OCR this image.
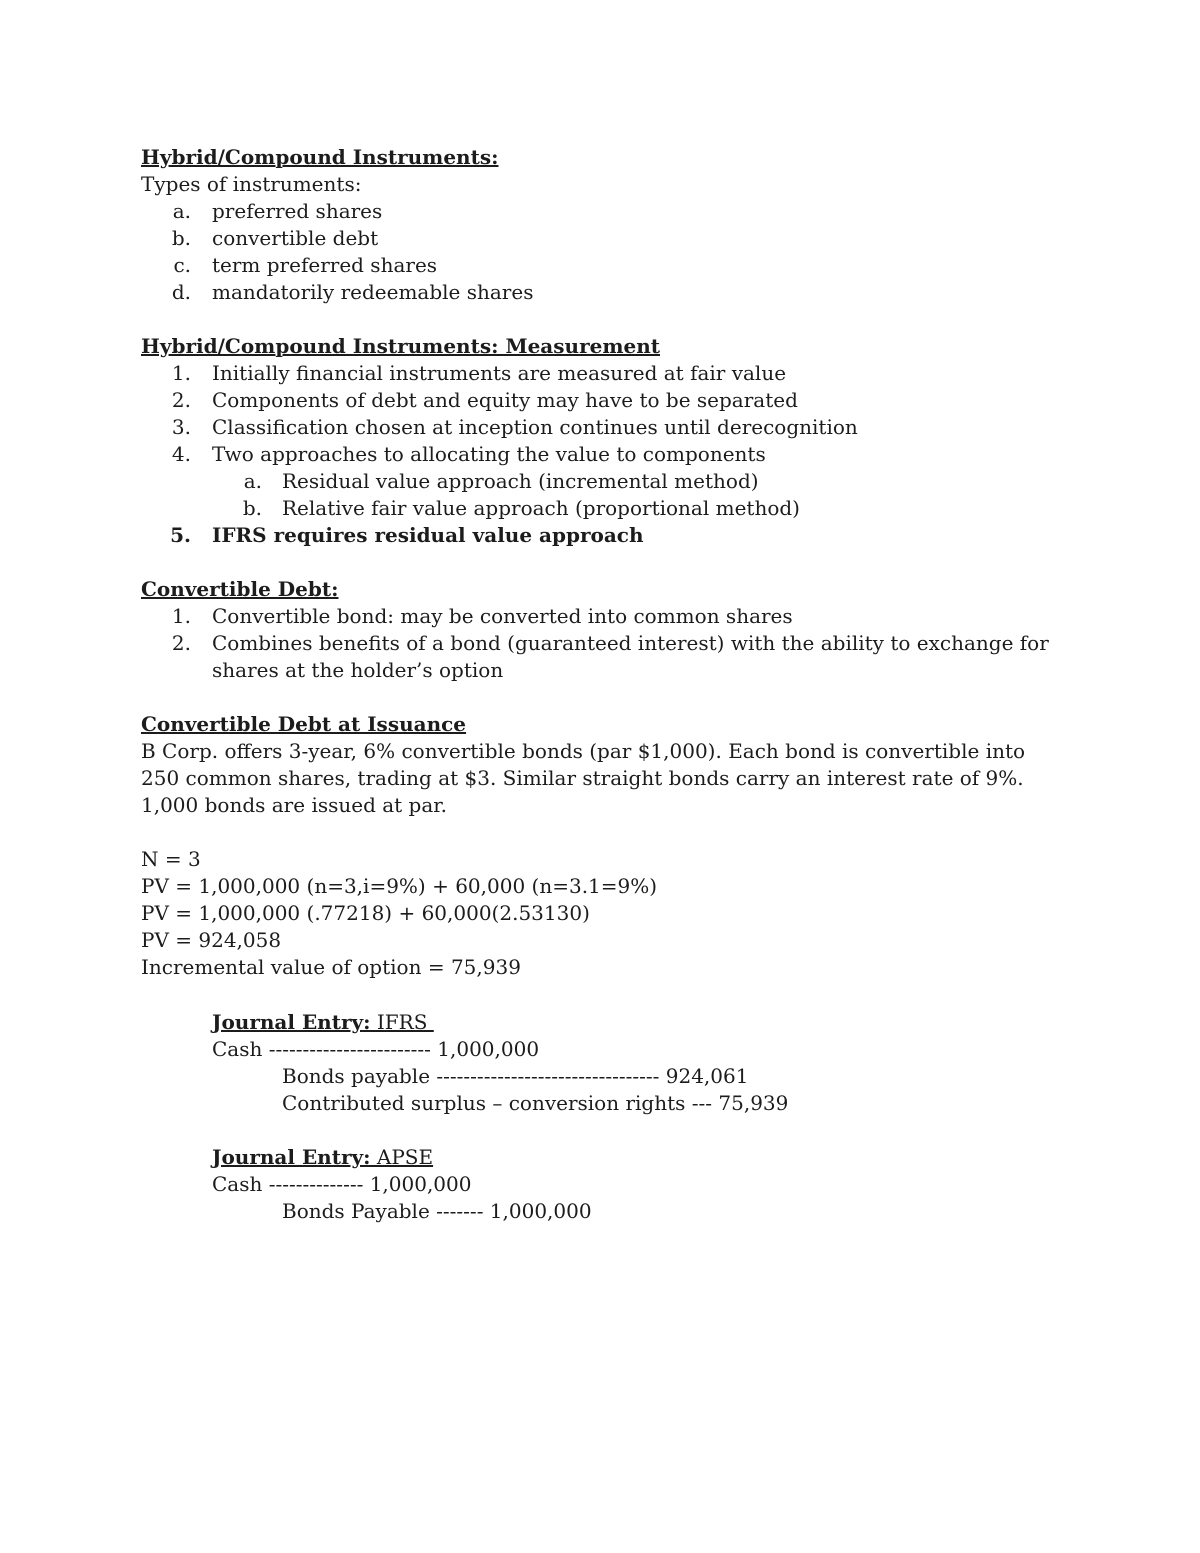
Hybrid/Compound Instruments:
Types of instruments:
a. preferred shares
b. convertible debt
c. term preferred shares
d. mandatorily redeemable shares
Hybrid/Compound Instruments: Measurement
1. Initially financial instruments are measured at fair value
2. Components of debt and equity may have to be separated
3. Classification chosen at inception continues until derecognition
4. Two approaches to allocating the value to components
a. Residual value approach (incremental method)
b. Relative fair value approach (proportional method)
5. IFRS requires residual value approach
Convertible Debt:
1. Convertible bond: may be converted into common shares
2. Combines benefits of a bond (guaranteed interest) with the ability to exchange for
shares at the holder’s option
Convertible Debt at Issuance
B Corp. offers 3-year, 6% convertible bonds (par $1,000). Each bond is convertible into 250 common shares, trading at $3. Similar straight bonds carry an interest rate of 9%. 1,000 bonds are issued at par.
N = 3
PV = 1,000,000 (n=3,i=9%) + 60,000 (n=3.1=9%)
PV = 1,000,000 (.77218) + 60,000(2.53130)
PV = 924,058
Incremental value of option = 75,939
Journal Entry: IFRS
Cash ------------------------ 1,000,000
Bonds payable --------------------------------- 924,061
Contributed surplus – conversion rights --- 75,939
Journal Entry: APSE
Cash -------------- 1,000,000
Bonds Payable ------- 1,000,000
